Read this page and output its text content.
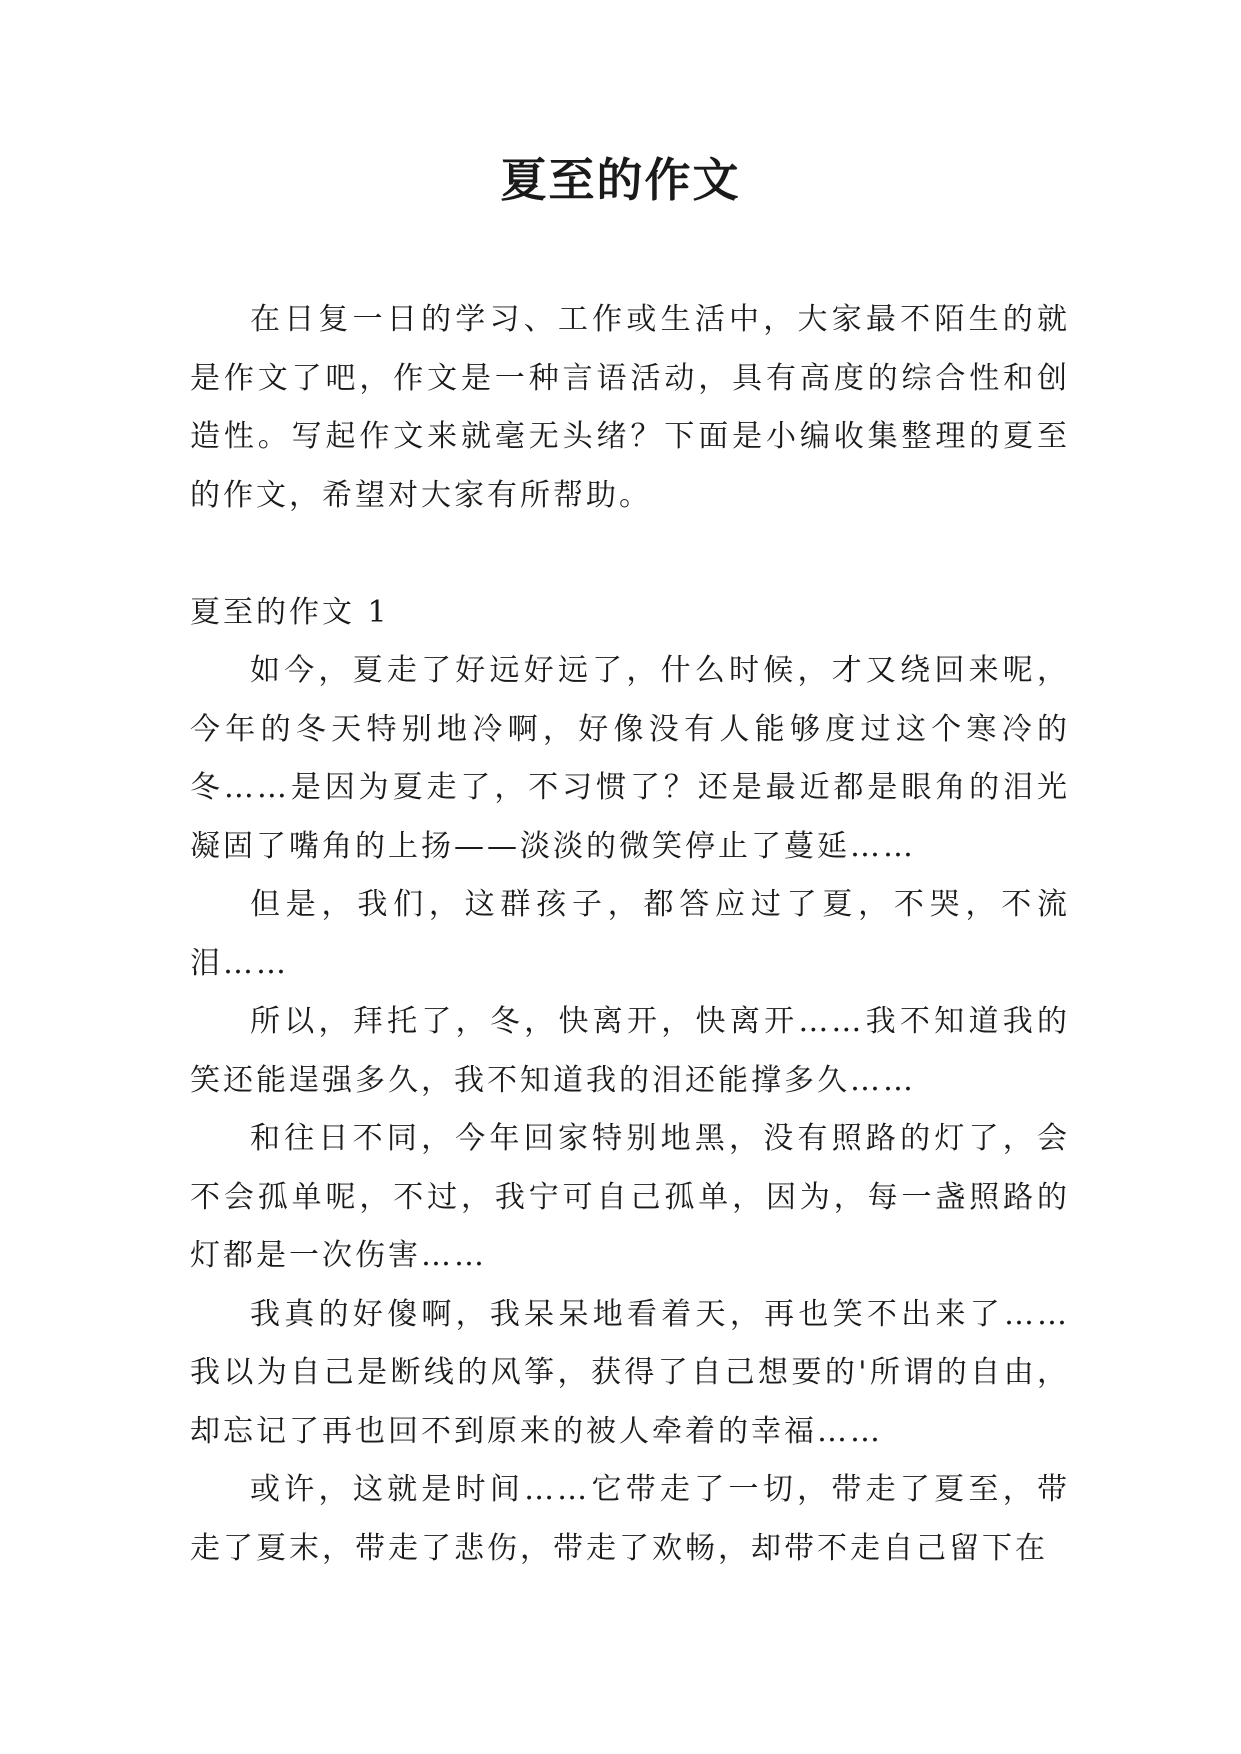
夏至的作文

在日复一日的学习、工作或生活中，大家最不陌生的就是作文了吧，作文是一种言语活动，具有高度的综合性和创造性。写起作文来就毫无头绪？下面是小编收集整理的夏至的作文，希望对大家有所帮助。

夏至的作文 1

如今，夏走了好远好远了，什么时候，才又绕回来呢，今年的冬天特别地冷啊，好像没有人能够度过这个寒冷的冬……是因为夏走了，不习惯了？还是最近都是眼角的泪光凝固了嘴角的上扬——淡淡的微笑停止了蔓延……

但是，我们，这群孩子，都答应过了夏，不哭，不流泪……

所以，拜托了，冬，快离开，快离开……我不知道我的笑还能逞强多久，我不知道我的泪还能撑多久……

和往日不同，今年回家特别地黑，没有照路的灯了，会不会孤单呢，不过，我宁可自己孤单，因为，每一盏照路的灯都是一次伤害……

我真的好傻啊，我呆呆地看着天，再也笑不出来了……我以为自己是断线的风筝，获得了自己想要的'所谓的自由，却忘记了再也回不到原来的被人牵着的幸福……

或许，这就是时间……它带走了一切，带走了夏至，带走了夏末，带走了悲伤，带走了欢畅，却带不走自己留下在
